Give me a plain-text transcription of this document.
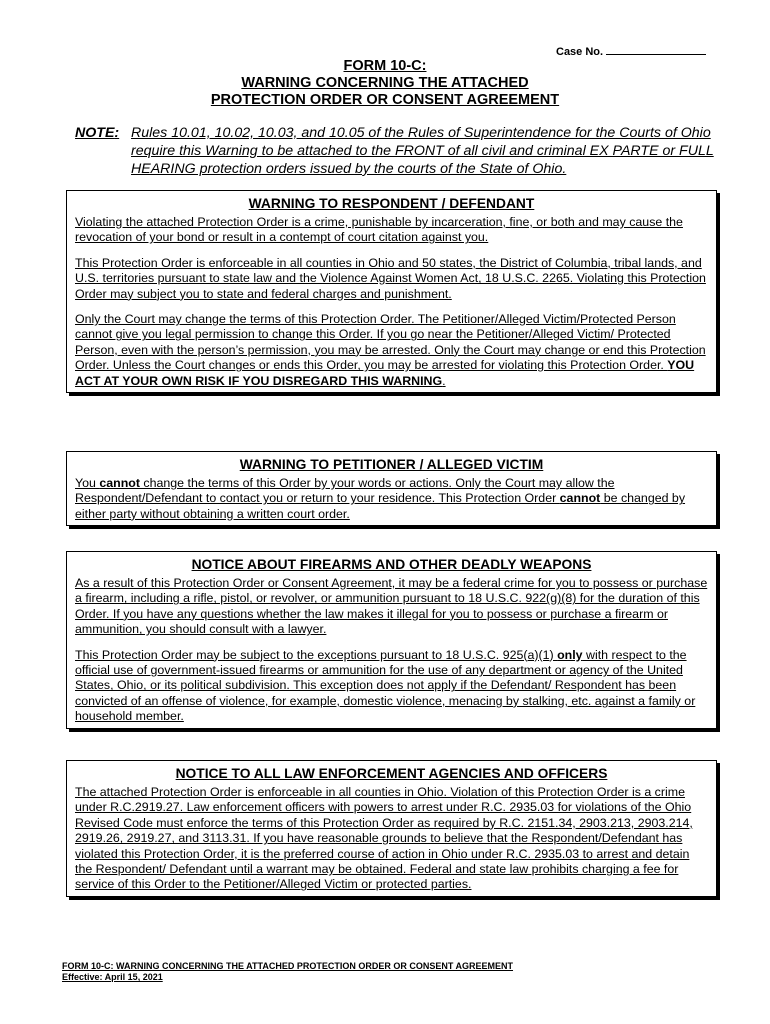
Case No.
FORM 10-C:
WARNING CONCERNING THE ATTACHED
PROTECTION ORDER OR CONSENT AGREEMENT
NOTE: Rules 10.01, 10.02, 10.03, and 10.05 of the Rules of Superintendence for the Courts of Ohio require this Warning to be attached to the FRONT of all civil and criminal EX PARTE or FULL HEARING protection orders issued by the courts of the State of Ohio.
WARNING TO RESPONDENT / DEFENDANT

Violating the attached Protection Order is a crime, punishable by incarceration, fine, or both and may cause the revocation of your bond or result in a contempt of court citation against you.

This Protection Order is enforceable in all counties in Ohio and 50 states, the District of Columbia, tribal lands, and U.S. territories pursuant to state law and the Violence Against Women Act, 18 U.S.C. 2265. Violating this Protection Order may subject you to state and federal charges and punishment.

Only the Court may change the terms of this Protection Order. The Petitioner/Alleged Victim/Protected Person cannot give you legal permission to change this Order. If you go near the Petitioner/Alleged Victim/ Protected Person, even with the person’s permission, you may be arrested. Only the Court may change or end this Protection Order. Unless the Court changes or ends this Order, you may be arrested for violating this Protection Order. YOU ACT AT YOUR OWN RISK IF YOU DISREGARD THIS WARNING.

WARNING TO PETITIONER / ALLEGED VICTIM

You cannot change the terms of this Order by your words or actions. Only the Court may allow the Respondent/Defendant to contact you or return to your residence. This Protection Order cannot be changed by either party without obtaining a written court order.

NOTICE ABOUT FIREARMS AND OTHER DEADLY WEAPONS

As a result of this Protection Order or Consent Agreement, it may be a federal crime for you to possess or purchase a firearm, including a rifle, pistol, or revolver, or ammunition pursuant to 18 U.S.C. 922(g)(8) for the duration of this Order. If you have any questions whether the law makes it illegal for you to possess or purchase a firearm or ammunition, you should consult with a lawyer.

This Protection Order may be subject to the exceptions pursuant to 18 U.S.C. 925(a)(1) only with respect to the official use of government-issued firearms or ammunition for the use of any department or agency of the United States, Ohio, or its political subdivision. This exception does not apply if the Defendant/ Respondent has been convicted of an offense of violence, for example, domestic violence, menacing by stalking, etc. against a family or household member.

NOTICE TO ALL LAW ENFORCEMENT AGENCIES AND OFFICERS

The attached Protection Order is enforceable in all counties in Ohio. Violation of this Protection Order is a crime under R.C.2919.27. Law enforcement officers with powers to arrest under R.C. 2935.03 for violations of the Ohio Revised Code must enforce the terms of this Protection Order as required by R.C. 2151.34, 2903.213, 2903.214, 2919.26, 2919.27, and 3113.31. If you have reasonable grounds to believe that the Respondent/Defendant has violated this Protection Order, it is the preferred course of action in Ohio under R.C. 2935.03 to arrest and detain the Respondent/ Defendant until a warrant may be obtained. Federal and state law prohibits charging a fee for service of this Order to the Petitioner/Alleged Victim or protected parties.

FORM 10-C: WARNING CONCERNING THE ATTACHED PROTECTION ORDER OR CONSENT AGREEMENT
Effective: April 15, 2021
